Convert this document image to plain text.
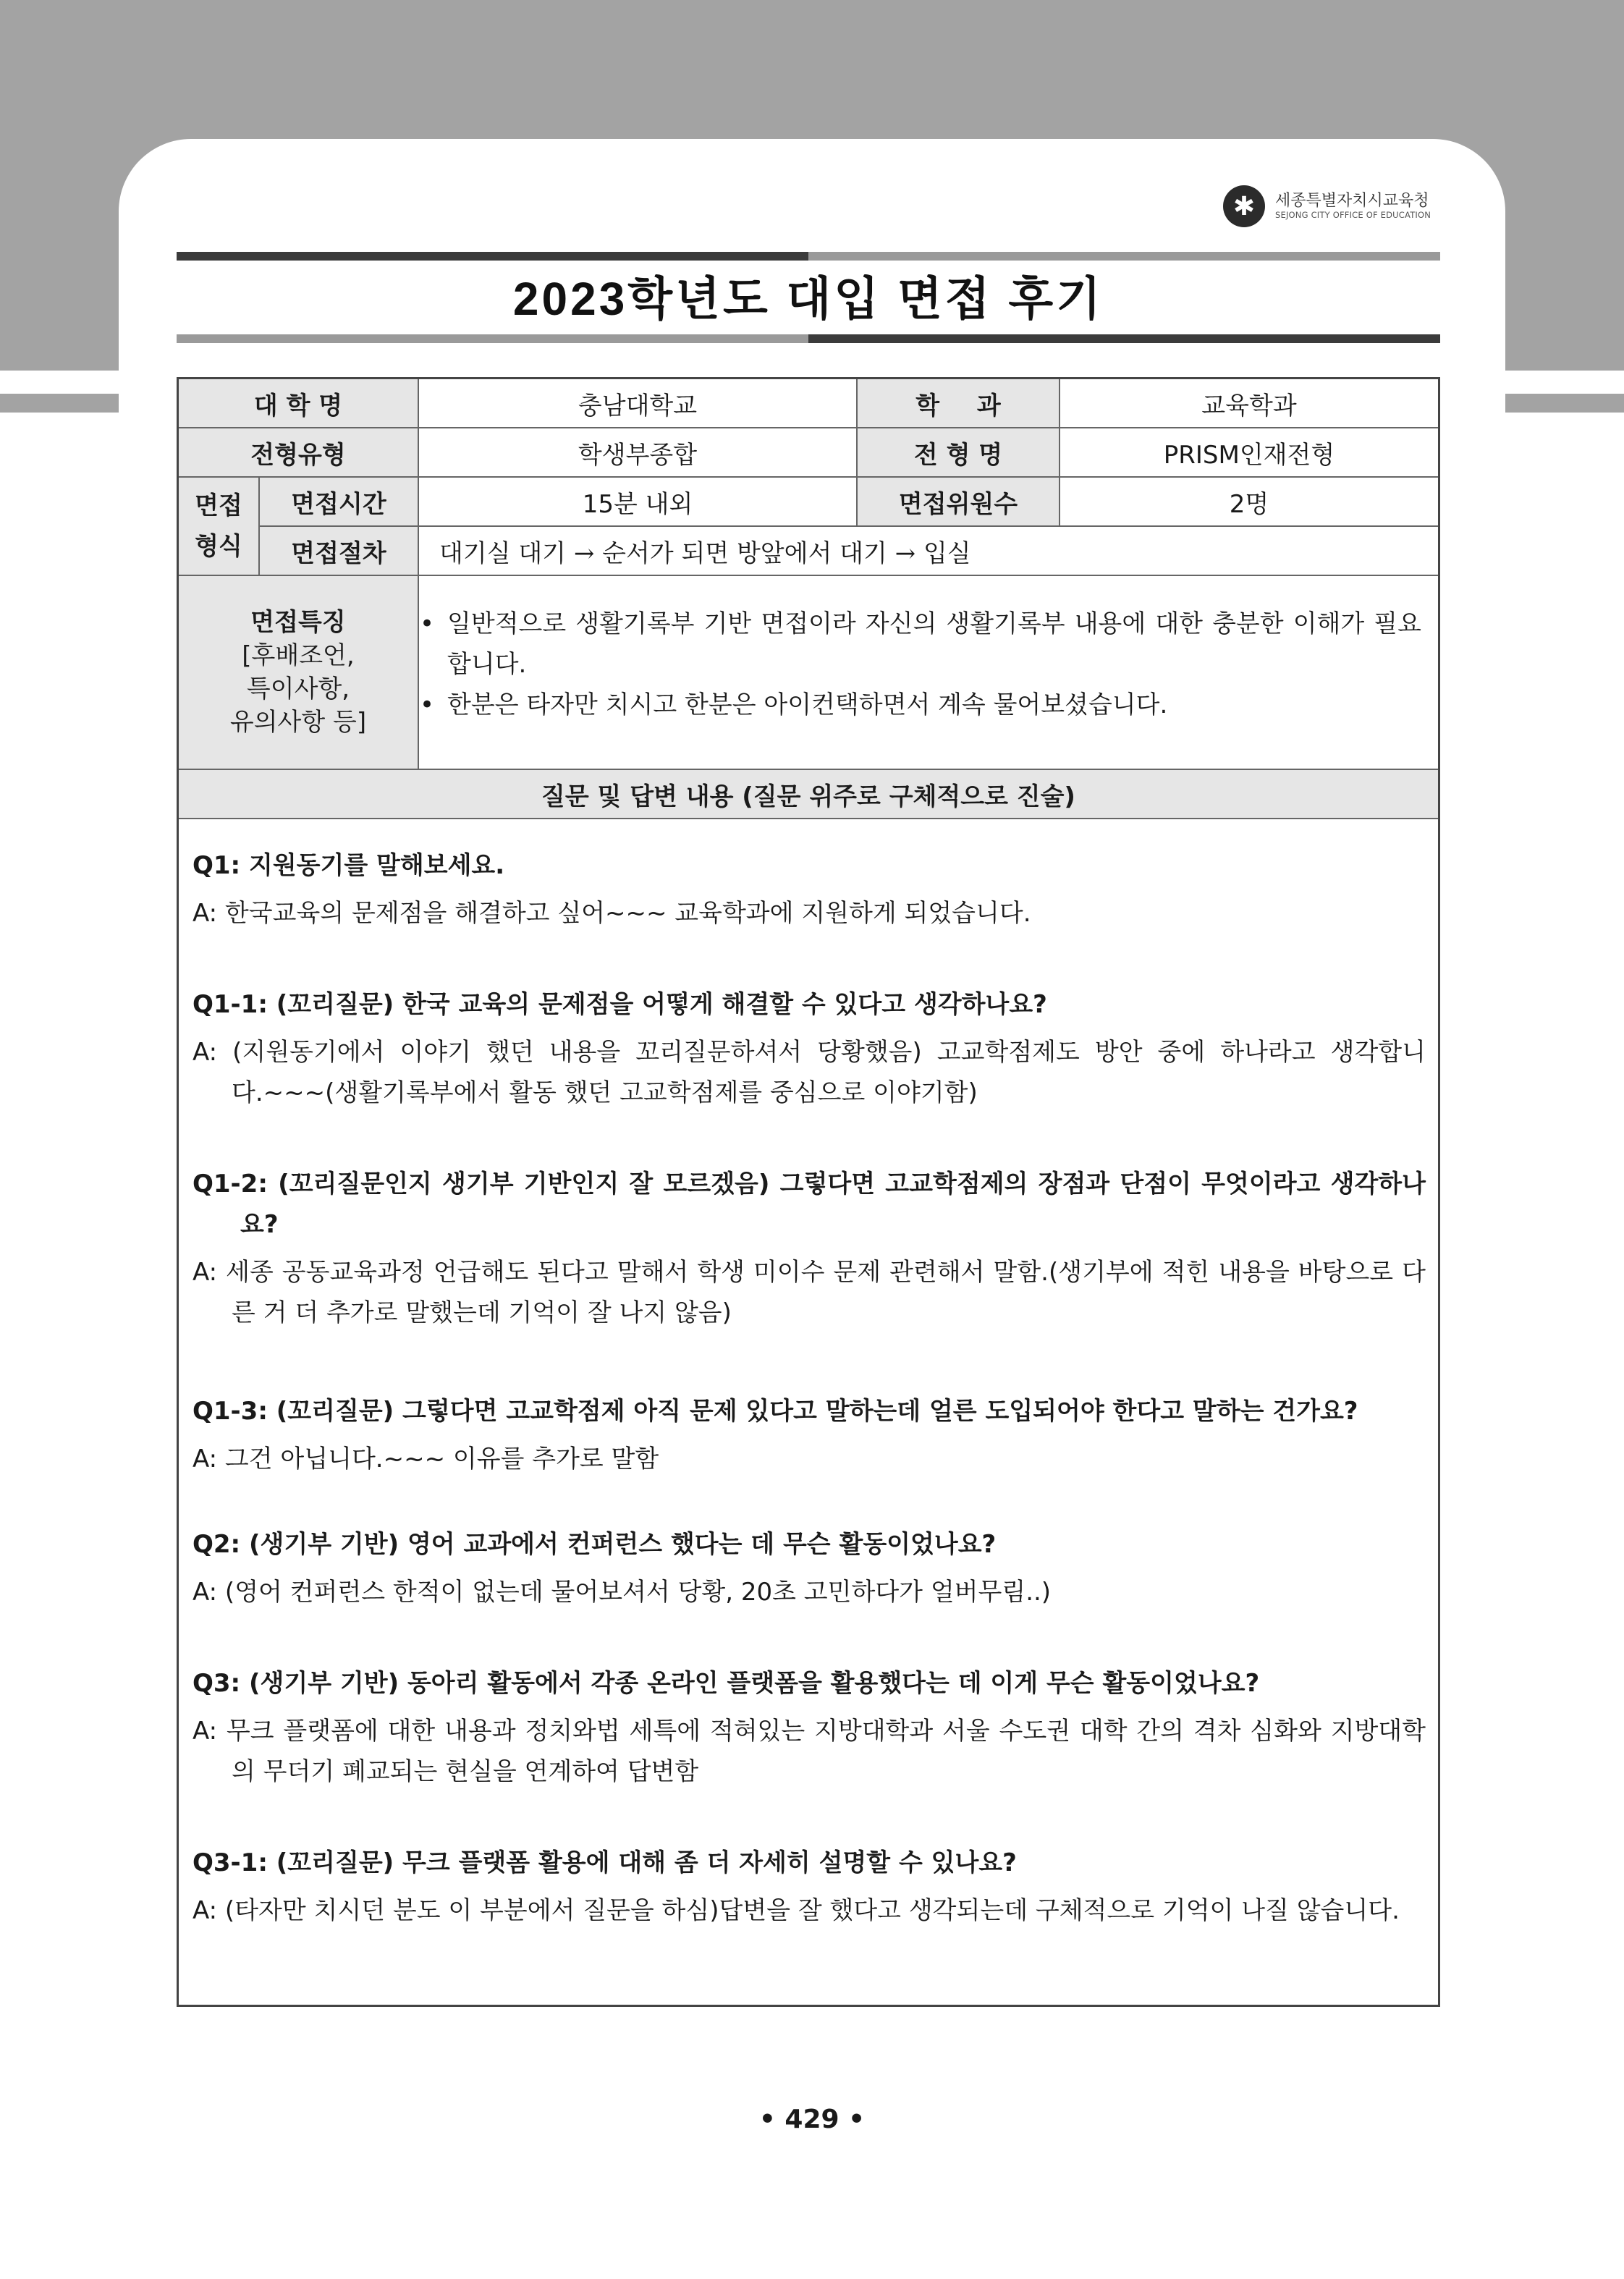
✱	세종특별자치시교육청
SEJONG CITY OFFICE OF EDUCATION
2023학년도 대입 면접 후기
대 학 명	충남대학교	학 과	교육학과
전형유형	학생부종합	전 형 명	PRISM인재전형
면접
형식
면접시간	15분 내외	면접위원수	2명
면접절차	대기실 대기 → 순서가 되면 방앞에서 대기 → 입실
면접특징
[후배조언,
특이사항,
유의사항 등]
• 일반적으로 생활기록부 기반 면접이라 자신의 생활기록부 내용에 대한 충분한 이해가 필요합니다.
• 한분은 타자만 치시고 한분은 아이컨택하면서 계속 물어보셨습니다.
질문 및 답변 내용 (질문 위주로 구체적으로 진술)
Q1: 지원동기를 말해보세요.
A: 한국교육의 문제점을 해결하고 싶어~~~ 교육학과에 지원하게 되었습니다.
Q1-1: (꼬리질문) 한국 교육의 문제점을 어떻게 해결할 수 있다고 생각하나요?
A: (지원동기에서 이야기 했던 내용을 꼬리질문하셔서 당황했음) 고교학점제도 방안 중에 하나라고 생각합니다.~~~(생활기록부에서 활동 했던 고교학점제를 중심으로 이야기함)
Q1-2: (꼬리질문인지 생기부 기반인지 잘 모르겠음) 그렇다면 고교학점제의 장점과 단점이 무엇이라고 생각하나요?
A: 세종 공동교육과정 언급해도 된다고 말해서 학생 미이수 문제 관련해서 말함.(생기부에 적힌 내용을 바탕으로 다른 거 더 추가로 말했는데 기억이 잘 나지 않음)
Q1-3: (꼬리질문) 그렇다면 고교학점제 아직 문제 있다고 말하는데 얼른 도입되어야 한다고 말하는 건가요?
A: 그건 아닙니다.~~~ 이유를 추가로 말함
Q2: (생기부 기반) 영어 교과에서 컨퍼런스 했다는 데 무슨 활동이었나요?
A: (영어 컨퍼런스 한적이 없는데 물어보셔서 당황, 20초 고민하다가 얼버무림..)
Q3: (생기부 기반) 동아리 활동에서 각종 온라인 플랫폼을 활용했다는 데 이게 무슨 활동이었나요?
A: 무크 플랫폼에 대한 내용과 정치와법 세특에 적혀있는 지방대학과 서울 수도권 대학 간의 격차 심화와 지방대학의 무더기 폐교되는 현실을 연계하여 답변함
Q3-1: (꼬리질문) 무크 플랫폼 활용에 대해 좀 더 자세히 설명할 수 있나요?
A: (타자만 치시던 분도 이 부분에서 질문을 하심)답변을 잘 했다고 생각되는데 구체적으로 기억이 나질 않습니다.
• 429 •
